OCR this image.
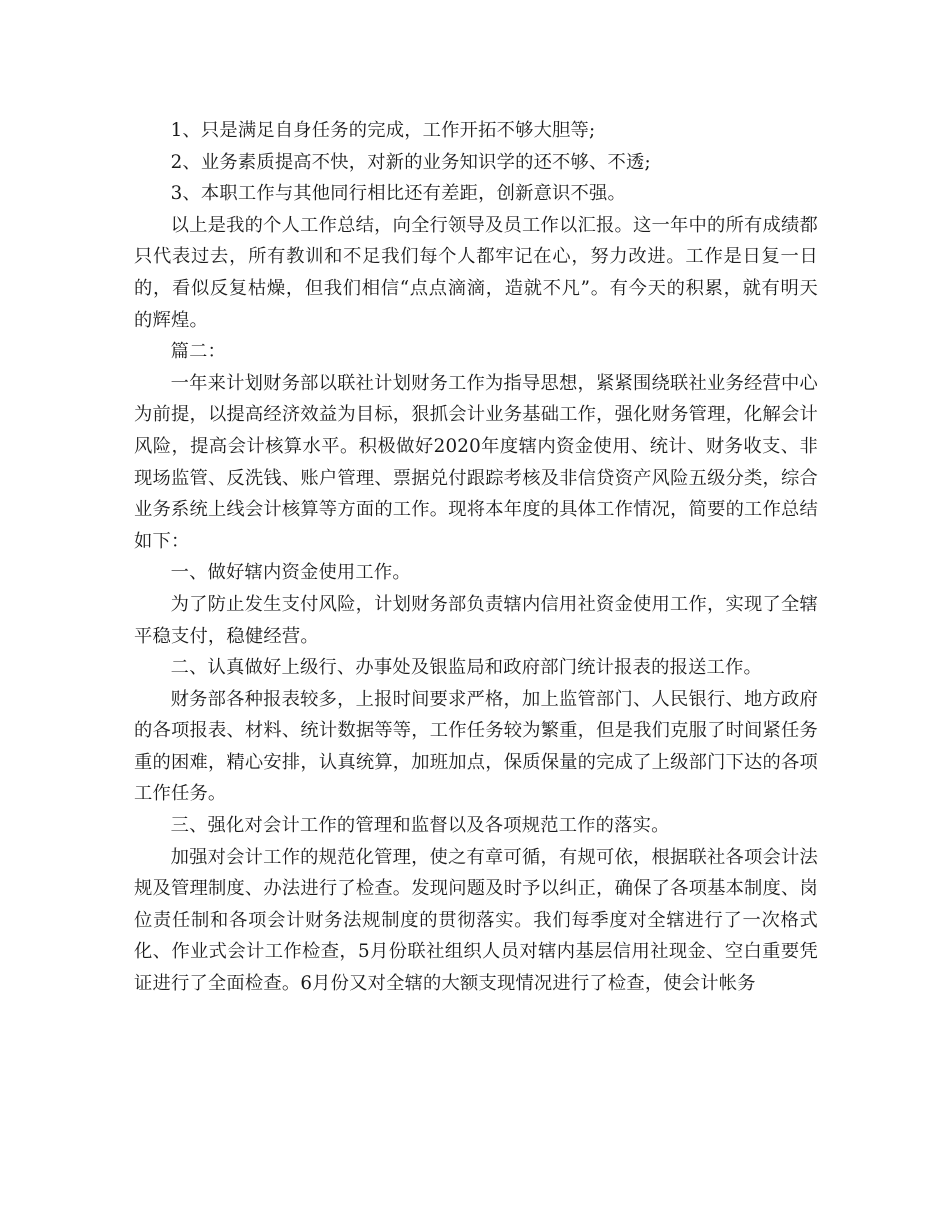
1、只是满足自身任务的完成，工作开拓不够大胆等;

2、业务素质提高不快，对新的业务知识学的还不够、不透;

3、本职工作与其他同行相比还有差距，创新意识不强。

以上是我的个人工作总结，向全行领导及员工作以汇报。这一年中的所有成绩都只代表过去，所有教训和不足我们每个人都牢记在心，努力改进。工作是日复一日的，看似反复枯燥，但我们相信“点点滴滴，造就不凡”。有今天的积累，就有明天的辉煌。

篇二：

一年来计划财务部以联社计划财务工作为指导思想，紧紧围绕联社业务经营中心为前提，以提高经济效益为目标，狠抓会计业务基础工作，强化财务管理，化解会计风险，提高会计核算水平。积极做好2020年度辖内资金使用、统计、财务收支、非现场监管、反洗钱、账户管理、票据兑付跟踪考核及非信贷资产风险五级分类，综合业务系统上线会计核算等方面的工作。现将本年度的具体工作情况，简要的工作总结如下：

一、做好辖内资金使用工作。

为了防止发生支付风险，计划财务部负责辖内信用社资金使用工作，实现了全辖平稳支付，稳健经营。

二、认真做好上级行、办事处及银监局和政府部门统计报表的报送工作。

财务部各种报表较多，上报时间要求严格，加上监管部门、人民银行、地方政府的各项报表、材料、统计数据等等，工作任务较为繁重，但是我们克服了时间紧任务重的困难，精心安排，认真统算，加班加点，保质保量的完成了上级部门下达的各项工作任务。

三、强化对会计工作的管理和监督以及各项规范工作的落实。

加强对会计工作的规范化管理，使之有章可循，有规可依，根据联社各项会计法规及管理制度、办法进行了检查。发现问题及时予以纠正，确保了各项基本制度、岗位责任制和各项会计财务法规制度的贯彻落实。我们每季度对全辖进行了一次格式化、作业式会计工作检查，5月份联社组织人员对辖内基层信用社现金、空白重要凭证进行了全面检查。6月份又对全辖的大额支现情况进行了检查，使会计帐务
